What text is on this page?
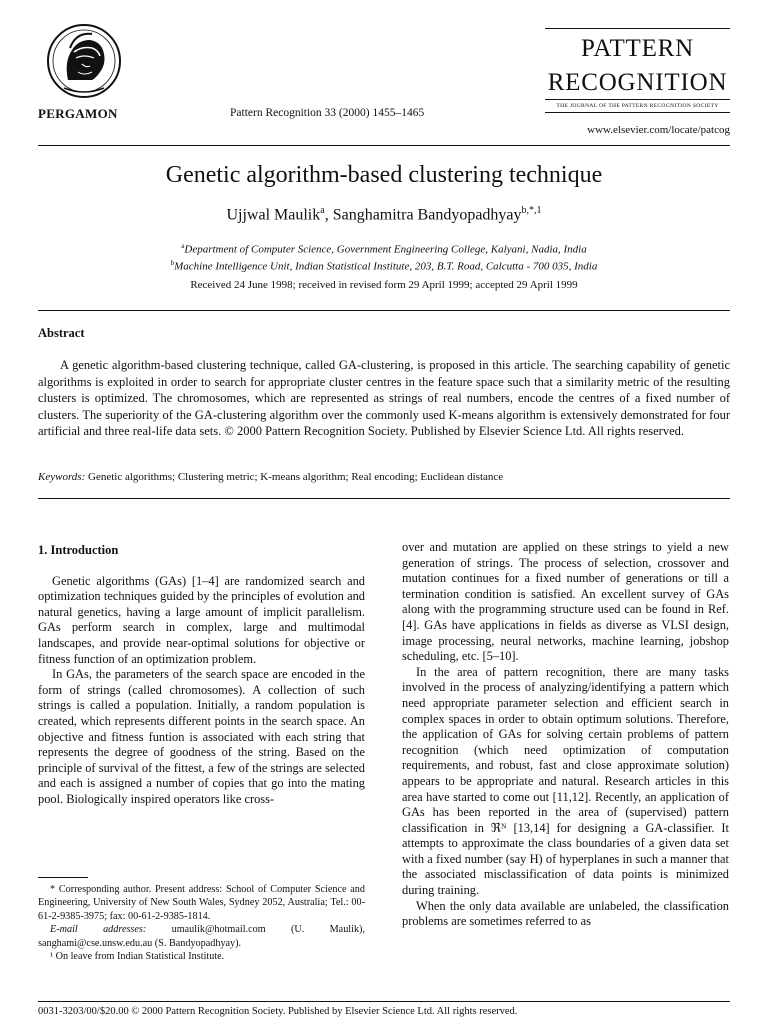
PERGAMON	Pattern Recognition 33 (2000) 1455–1465
PATTERN
RECOGNITION
THE JOURNAL OF THE PATTERN RECOGNITION SOCIETY
www.elsevier.com/locate/patcog
Genetic algorithm-based clustering technique
Ujjwal Maulik$^a$, Sanghamitra Bandyopadhyay$^{b,*,1}$
$^a$Department of Computer Science, Government Engineering College, Kalyani, Nadia, India
$^b$Machine Intelligence Unit, Indian Statistical Institute, 203, B.T. Road, Calcutta - 700 035, India
Received 24 June 1998; received in revised form 29 April 1999; accepted 29 April 1999
Abstract

A genetic algorithm-based clustering technique, called GA-clustering, is proposed in this article. The searching capability of genetic algorithms is exploited in order to search for appropriate cluster centres in the feature space such that a similarity metric of the resulting clusters is optimized. The chromosomes, which are represented as strings of real numbers, encode the centres of a fixed number of clusters. The superiority of the GA-clustering algorithm over the commonly used K-means algorithm is extensively demonstrated for four artificial and three real-life data sets. © 2000 Pattern Recognition Society. Published by Elsevier Science Ltd. All rights reserved.

Keywords: Genetic algorithms; Clustering metric; K-means algorithm; Real encoding; Euclidean distance

1. Introduction

Genetic algorithms (GAs) [1–4] are randomized search and optimization techniques guided by the principles of evolution and natural genetics, having a large amount of implicit parallelism. GAs perform search in complex, large and multimodal landscapes, and provide near-optimal solutions for objective or fitness function of an optimization problem.

In GAs, the parameters of the search space are encoded in the form of strings (called chromosomes). A collection of such strings is called a population. Initially, a random population is created, which represents different points in the search space. An objective and fitness funtion is associated with each string that represents the degree of goodness of the string. Based on the principle of survival of the fittest, a few of the strings are selected and each is assigned a number of copies that go into the mating pool. Biologically inspired operators like cross-

* Corresponding author. Present address: School of Computer Science and Engineering, University of New South Wales, Sydney 2052, Australia; Tel.: 00-61-2-9385-3975; fax: 00-61-2-9385-1814.

E-mail addresses: umaulik@hotmail.com (U. Maulik), sanghami@cse.unsw.edu.au (S. Bandyopadhyay).

¹ On leave from Indian Statistical Institute.

over and mutation are applied on these strings to yield a new generation of strings. The process of selection, crossover and mutation continues for a fixed number of generations or till a termination condition is satisfied. An excellent survey of GAs along with the programming structure used can be found in Ref. [4]. GAs have applications in fields as diverse as VLSI design, image processing, neural networks, machine learning, jobshop scheduling, etc. [5–10].

In the area of pattern recognition, there are many tasks involved in the process of analyzing/identifying a pattern which need appropriate parameter selection and efficient search in complex spaces in order to obtain optimum solutions. Therefore, the application of GAs for solving certain problems of pattern recognition (which need optimization of computation requirements, and robust, fast and close approximate solution) appears to be appropriate and natural. Research articles in this area have started to come out [11,12]. Recently, an application of GAs has been reported in the area of (supervised) pattern classification in ℜᴺ [13,14] for designing a GA-classifier. It attempts to approximate the class boundaries of a given data set with a fixed number (say H) of hyperplanes in such a manner that the associated misclassification of data points is minimized during training.

When the only data available are unlabeled, the classification problems are sometimes referred to as

0031-3203/00/$20.00 © 2000 Pattern Recognition Society. Published by Elsevier Science Ltd. All rights reserved.
